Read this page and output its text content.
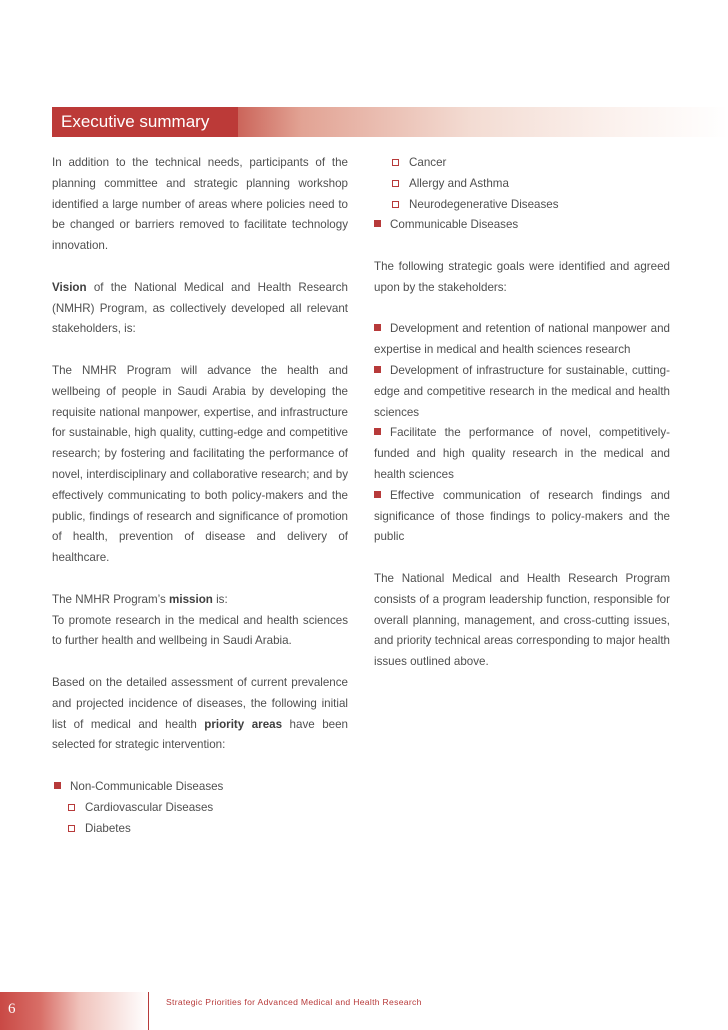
Executive summary

In addition to the technical needs, participants of the planning committee and strategic planning workshop identified a large number of areas where policies need to be changed or barriers removed to facilitate technology innovation.

Vision of the National Medical and Health Research (NMHR) Program, as collectively developed all relevant stakeholders, is:

The NMHR Program will advance the health and wellbeing of people in Saudi Arabia by developing the requisite national manpower, expertise, and infrastructure for sustainable, high quality, cutting-edge and competitive research; by fostering and facilitating the performance of novel, interdisciplinary and collaborative research; and by effectively communicating to both policy-makers and the public, findings of research and significance of promotion of health, prevention of disease and delivery of healthcare.

The NMHR Program’s mission is:

To promote research in the medical and health sciences to further health and wellbeing in Saudi Arabia.

Based on the detailed assessment of current prevalence and projected incidence of diseases, the following initial list of medical and health priority areas have been selected for strategic intervention:

Non-Communicable Diseases
Cardiovascular Diseases
Diabetes
Cancer
Allergy and Asthma
Neurodegenerative Diseases
Communicable Diseases

The following strategic goals were identified and agreed upon by the stakeholders:

Development and retention of national manpower and expertise in medical and health sciences research

Development of infrastructure for sustainable, cutting-edge and competitive research in the medical and health sciences

Facilitate the performance of novel, competitively-funded and high quality research in the medical and health sciences

Effective communication of research findings and significance of those findings to policy-makers and the public

The National Medical and Health Research Program consists of a program leadership function, responsible for overall planning, management, and cross-cutting issues, and priority technical areas corresponding to major health issues outlined above.

6	Strategic Priorities for Advanced Medical and Health Research
